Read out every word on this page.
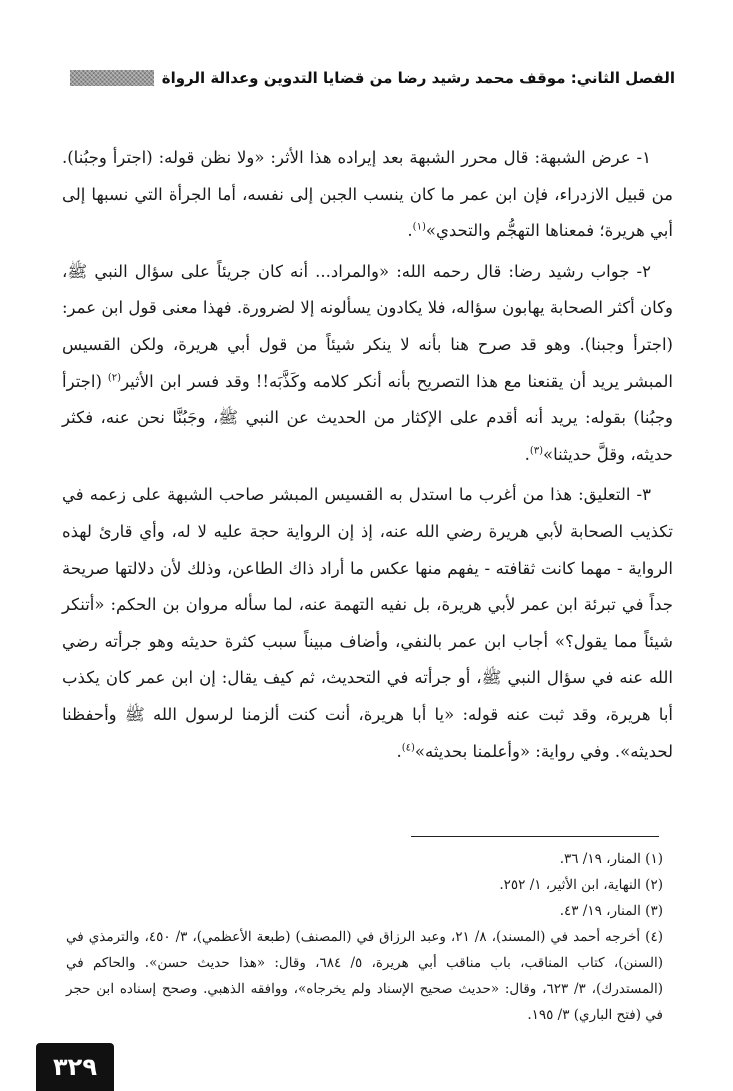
الفصل الثاني: موقف محمد رشيد رضا من قضايا التدوين وعدالة الرواة

١- عرض الشبهة: قال محرر الشبهة بعد إيراده هذا الأثر: «ولا نظن قوله: (اجترأ وجبُنا). من قبيل الازدراء، فإن ابن عمر ما كان ينسب الجبن إلى نفسه، أما الجرأة التي نسبها إلى أبي هريرة؛ فمعناها التهجُّم والتحدي»$^{(١)}$.

٢- جواب رشيد رضا: قال رحمه الله: «والمراد... أنه كان جريئاً على سؤال النبي ﷺ، وكان أكثر الصحابة يهابون سؤاله، فلا يكادون يسألونه إلا لضرورة. فهذا معنى قول ابن عمر: (اجترأ وجبنا). وهو قد صرح هنا بأنه لا ينكر شيئاً من قول أبي هريرة، ولكن القسيس المبشر يريد أن يقنعنا مع هذا التصريح بأنه أنكر كلامه وكَذَّبَه!! وقد فسر ابن الأثير$^{(٢)}$ (اجترأ وجبُنا) بقوله: يريد أنه أقدم على الإكثار من الحديث عن النبي ﷺ، وجَبُنَّا نحن عنه، فكثر حديثه، وقلَّ حديثنا»$^{(٣)}$.

٣- التعليق: هذا من أغرب ما استدل به القسيس المبشر صاحب الشبهة على زعمه في تكذيب الصحابة لأبي هريرة رضي الله عنه، إذ إن الرواية حجة عليه لا له، وأي قارئ لهذه الرواية - مهما كانت ثقافته - يفهم منها عكس ما أراد ذاك الطاعن، وذلك لأن دلالتها صريحة جداً في تبرئة ابن عمر لأبي هريرة، بل نفيه التهمة عنه، لما سأله مروان بن الحكم: «أتنكر شيئاً مما يقول؟» أجاب ابن عمر بالنفي، وأضاف مبيناً سبب كثرة حديثه وهو جرأته رضي الله عنه في سؤال النبي ﷺ، أو جرأته في التحديث، ثم كيف يقال: إن ابن عمر كان يكذب أبا هريرة، وقد ثبت عنه قوله: «يا أبا هريرة، أنت كنت ألزمنا لرسول الله ﷺ وأحفظنا لحديثه». وفي رواية: «وأعلمنا بحديثه»$^{(٤)}$.

(١) المنار، ١٩/ ٣٦.

(٢) النهاية، ابن الأثير، ١/ ٢٥٢.

(٣) المنار، ١٩/ ٤٣.

(٤) أخرجه أحمد في (المسند)، ٨/ ٢١، وعبد الرزاق في (المصنف) (طبعة الأعظمي)، ٣/ ٤٥٠، والترمذي في (السنن)، كتاب المناقب، باب مناقب أبي هريرة، ٥/ ٦٨٤، وقال: «هذا حديث حسن». والحاكم في (المستدرك)، ٣/ ٦٢٣، وقال: «حديث صحيح الإسناد ولم يخرجاه»، ووافقه الذهبي. وصحح إسناده ابن حجر في (فتح الباري) ٣/ ١٩٥.

٣٢٩
